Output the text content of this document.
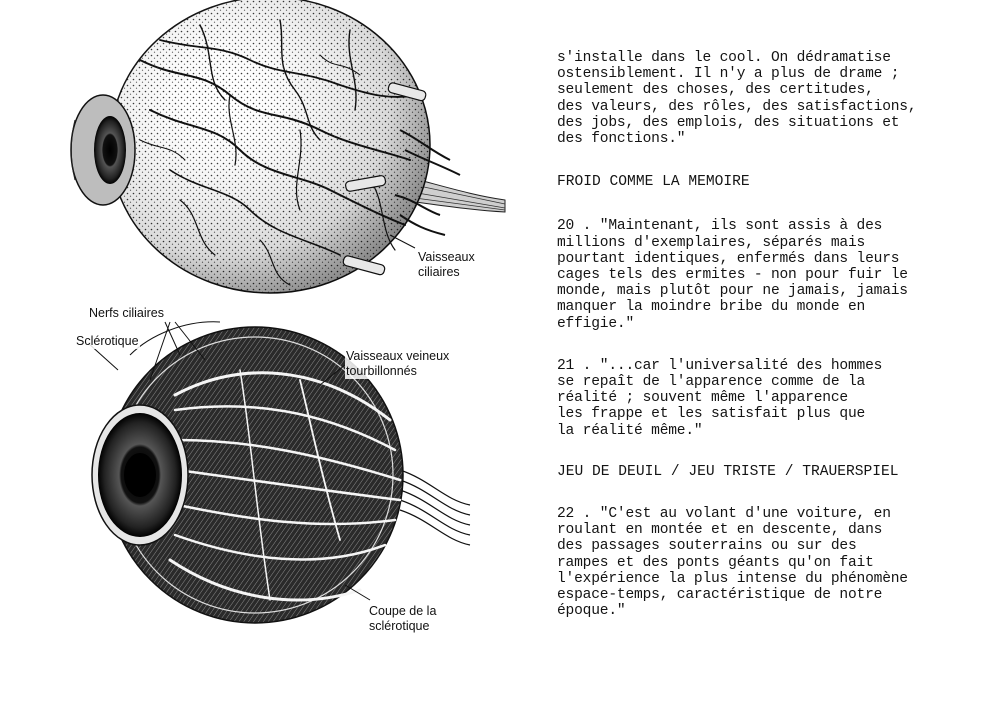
Vaisseaux
ciliaires
Nerfs ciliaires
Sclérotique
Vaisseaux veineux
tourbillonnés
Coupe de la
sclérotique

s'installe dans le cool. On dédramatise
ostensiblement. Il n'y a plus de drame ;
seulement des choses, des certitudes,
des valeurs, des rôles, des satisfactions,
des jobs, des emplois, des situations et
des fonctions."

FROID COMME LA MEMOIRE

20 . "Maintenant, ils sont assis à des
millions d'exemplaires, séparés mais
pourtant identiques, enfermés dans leurs
cages tels des ermites - non pour fuir le
monde, mais plutôt pour ne jamais, jamais
manquer la moindre bribe du monde en
effigie."

21 . "...car l'universalité des hommes
se repaît de l'apparence comme de la
réalité ; souvent même l'apparence
les frappe et les satisfait plus que
la réalité même."

JEU DE DEUIL / JEU TRISTE / TRAUERSPIEL

22 . "C'est au volant d'une voiture, en
roulant en montée et en descente, dans
des passages souterrains ou sur des
rampes et des ponts géants qu'on fait
l'expérience la plus intense du phénomène
espace-temps, caractéristique de notre
époque."
